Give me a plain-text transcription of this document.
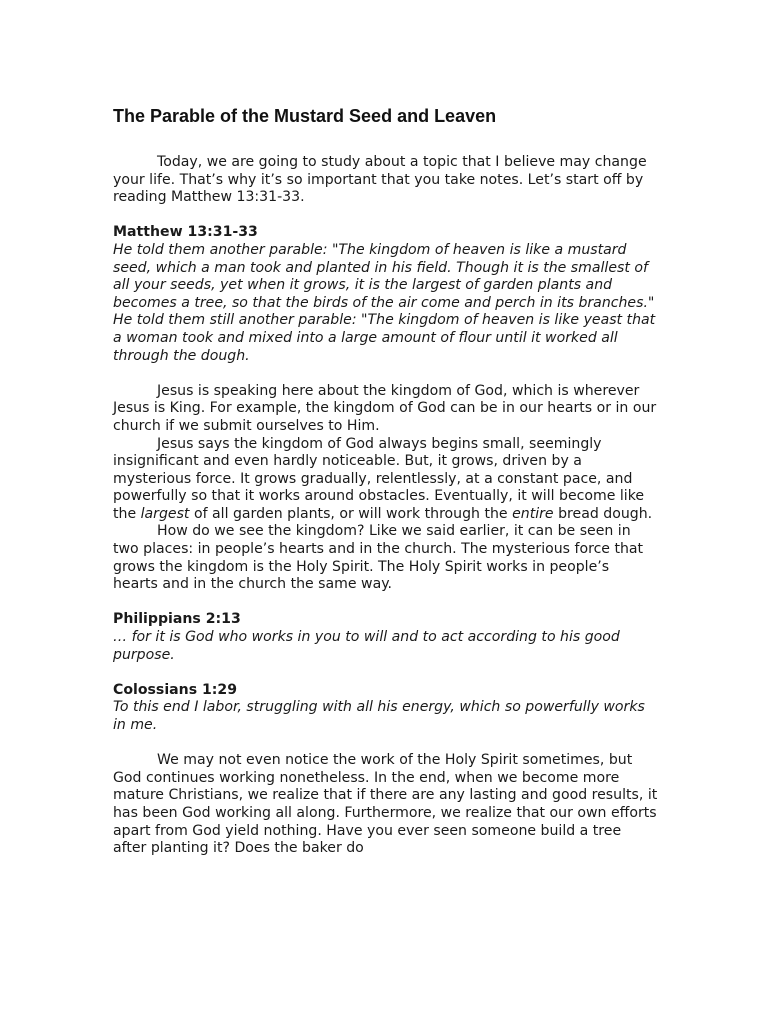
The Parable of the Mustard Seed and Leaven

Today, we are going to study about a topic that I believe may change your life. That’s why it’s so important that you take notes. Let’s start off by reading Matthew 13:31-33.

Matthew 13:31-33

He told them another parable: "The kingdom of heaven is like a mustard seed, which a man took and planted in his field. Though it is the smallest of all your seeds, yet when it grows, it is the largest of garden plants and becomes a tree, so that the birds of the air come and perch in its branches."

He told them still another parable: "The kingdom of heaven is like yeast that a woman took and mixed into a large amount of flour until it worked all through the dough.

Jesus is speaking here about the kingdom of God, which is wherever Jesus is King. For example, the kingdom of God can be in our hearts or in our church if we submit ourselves to Him.

Jesus says the kingdom of God always begins small, seemingly insignificant and even hardly noticeable. But, it grows, driven by a mysterious force. It grows gradually, relentlessly, at a constant pace, and powerfully so that it works around obstacles. Eventually, it will become like the largest of all garden plants, or will work through the entire bread dough.

How do we see the kingdom? Like we said earlier, it can be seen in two places: in people’s hearts and in the church. The mysterious force that grows the kingdom is the Holy Spirit. The Holy Spirit works in people’s hearts and in the church the same way.

Philippians 2:13

… for it is God who works in you to will and to act according to his good purpose.

Colossians 1:29

To this end I labor, struggling with all his energy, which so powerfully works in me.

We may not even notice the work of the Holy Spirit sometimes, but God continues working nonetheless. In the end, when we become more mature Christians, we realize that if there are any lasting and good results, it has been God working all along. Furthermore, we realize that our own efforts apart from God yield nothing. Have you ever seen someone build a tree after planting it? Does the baker do
